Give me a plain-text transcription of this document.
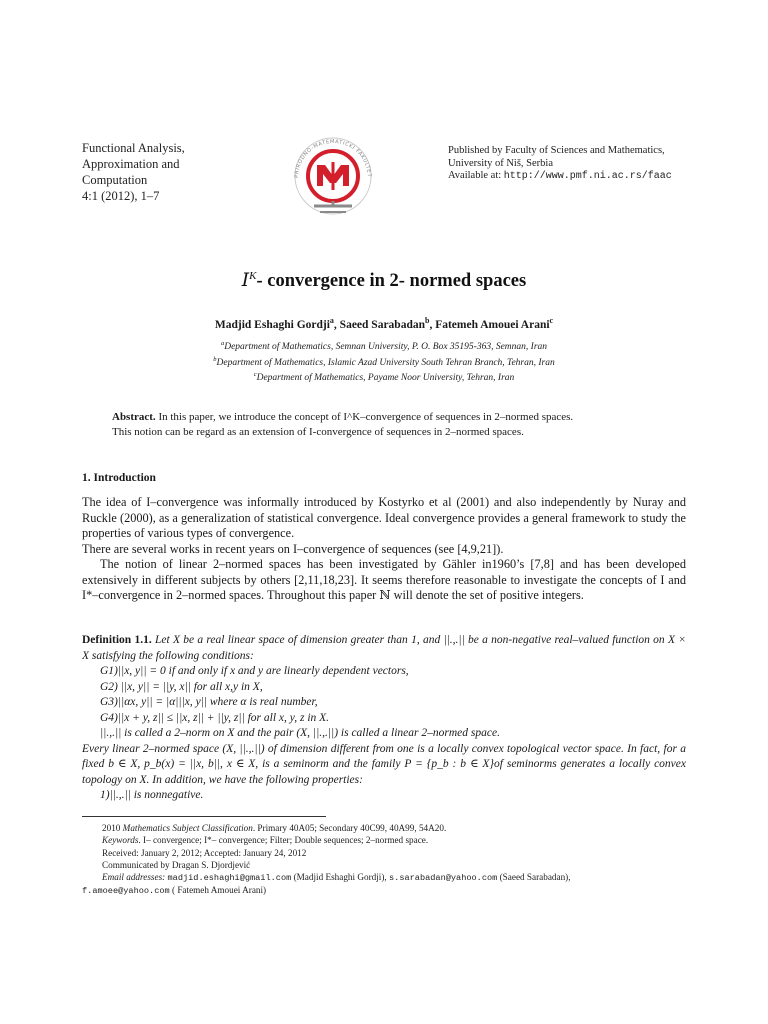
Functional Analysis,
Approximation and
Computation
4:1 (2012), 1–7
PRIRODNO-MATEMATIČKI FAKULTET
Published by Faculty of Sciences and Mathematics,
University of Niš, Serbia
Available at: http://www.pmf.ni.ac.rs/faac
$I^K-$ convergence in 2- normed spaces
Madjid Eshaghi Gordji$^a$, Saeed Sarabadan$^b$, Fatemeh Amouei Arani$^c$
$^a$Department of Mathematics, Semnan University, P. O. Box 35195-363, Semnan, Iran
$^b$Department of Mathematics, Islamic Azad University South Tehran Branch, Tehran, Iran
$^c$Department of Mathematics, Payame Noor University, Tehran, Iran
Abstract. In this paper, we introduce the concept of I^K–convergence of sequences in 2–normed spaces.
This notion can be regard as an extension of I-convergence of sequences in 2–normed spaces.
1. Introduction

The idea of I–convergence was informally introduced by Kostyrko et al (2001) and also independently by Nuray and Ruckle (2000), as a generalization of statistical convergence. Ideal convergence provides a general framework to study the properties of various types of convergence.

There are several works in recent years on I–convergence of sequences (see [4,9,21]).

The notion of linear 2–normed spaces has been investigated by Gähler in1960’s [7,8] and has been developed extensively in different subjects by others [2,11,18,23]. It seems therefore reasonable to investigate the concepts of I and I*–convergence in 2–normed spaces. Throughout this paper ℕ will denote the set of positive integers.

Definition 1.1. Let X be a real linear space of dimension greater than 1, and ||.,.|| be a non-negative real–valued function on X × X satisfying the following conditions:

G1)||x, y|| = 0 if and only if x and y are linearly dependent vectors,

G2) ||x, y|| = ||y, x|| for all x,y in X,

G3)||αx, y|| = |α|||x, y|| where α is real number,

G4)||x + y, z|| ≤ ||x, z|| + ||y, z|| for all x, y, z in X.

||.,.|| is called a 2–norm on X and the pair (X, ||.,.||) is called a linear 2–normed space.

Every linear 2–normed space (X, ||.,.||) of dimension different from one is a locally convex topological vector space. In fact, for a fixed b ∈ X, p_b(x) = ||x, b||, x ∈ X, is a seminorm and the family P = {p_b : b ∈ X}of seminorms generates a locally convex topology on X. In addition, we have the following properties:

1)||.,.|| is nonnegative.

2010 Mathematics Subject Classification. Primary 40A05; Secondary 40C99, 40A99, 54A20.
Keywords. I– convergence; I*– convergence; Filter; Double sequences; 2–normed space.
Received: January 2, 2012; Accepted: January 24, 2012
Communicated by Dragan S. Djordjević
Email addresses: madjid.eshaghi@gmail.com (Madjid Eshaghi Gordji), s.sarabadan@yahoo.com (Saeed Sarabadan),
f.amoee@yahoo.com ( Fatemeh Amouei Arani)
